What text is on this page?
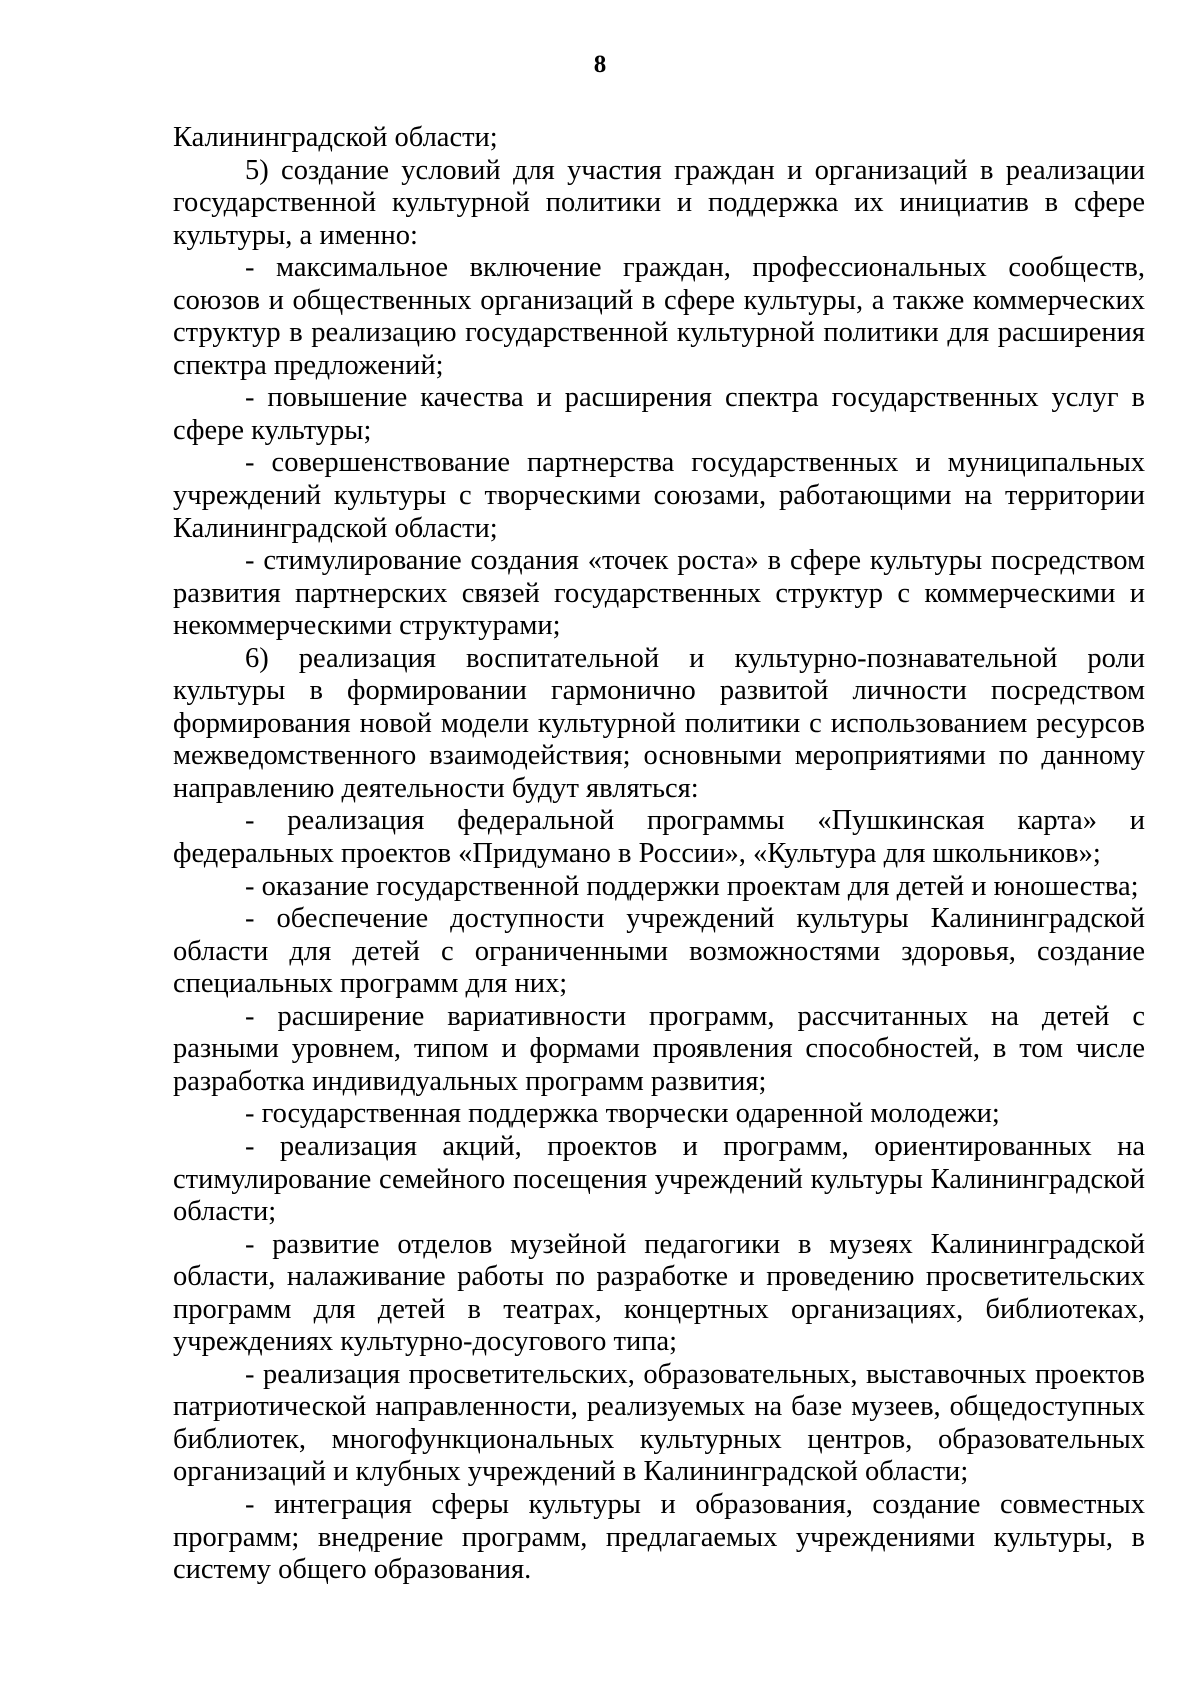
8

Калининградской области;

5) создание условий для участия граждан и организаций в реализации государственной культурной политики и поддержка их инициатив в сфере культуры, а именно:

- максимальное включение граждан, профессиональных сообществ, союзов и общественных организаций в сфере культуры, а также коммерческих структур в реализацию государственной культурной политики для расширения спектра предложений;

- повышение качества и расширения спектра государственных услуг в сфере культуры;

- совершенствование партнерства государственных и муниципальных учреждений культуры с творческими союзами, работающими на территории Калининградской области;

- стимулирование создания «точек роста» в сфере культуры посредством развития партнерских связей государственных структур с коммерческими и некоммерческими структурами;

6) реализация воспитательной и культурно-познавательной роли культуры в формировании гармонично развитой личности посредством формирования новой модели культурной политики с использованием ресурсов межведомственного взаимодействия; основными мероприятиями по данному направлению деятельности будут являться:

- реализация федеральной программы «Пушкинская карта» и федеральных проектов «Придумано в России», «Культура для школьников»;

- оказание государственной поддержки проектам для детей и юношества;

- обеспечение доступности учреждений культуры Калининградской области для детей с ограниченными возможностями здоровья, создание специальных программ для них;

- расширение вариативности программ, рассчитанных на детей с разными уровнем, типом и формами проявления способностей, в том числе разработка индивидуальных программ развития;

- государственная поддержка творчески одаренной молодежи;

- реализация акций, проектов и программ, ориентированных на стимулирование семейного посещения учреждений культуры Калининградской области;

- развитие отделов музейной педагогики в музеях Калининградской области, налаживание работы по разработке и проведению просветительских программ для детей в театрах, концертных организациях, библиотеках, учреждениях культурно-досугового типа;

- реализация просветительских, образовательных, выставочных проектов патриотической направленности, реализуемых на базе музеев, общедоступных библиотек, многофункциональных культурных центров, образовательных организаций и клубных учреждений в Калининградской области;

- интеграция сферы культуры и образования, создание совместных программ; внедрение программ, предлагаемых учреждениями культуры, в систему общего образования.
